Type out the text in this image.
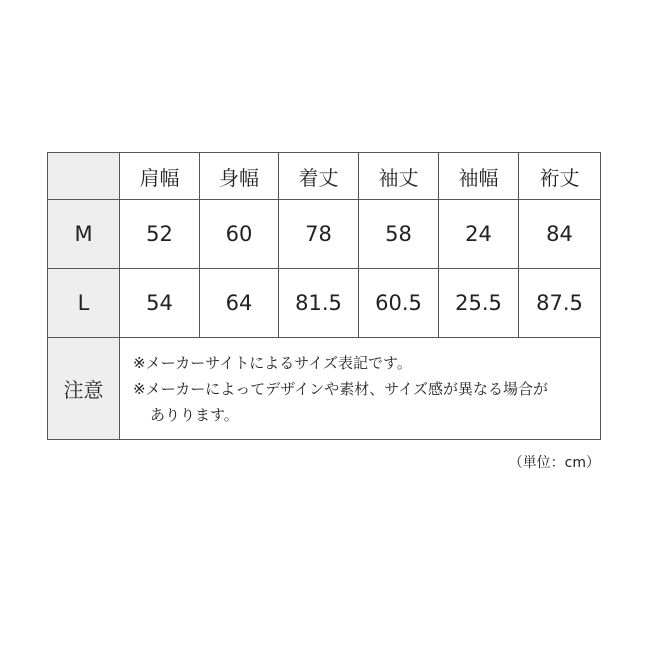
	肩幅	身幅	着丈	袖丈	袖幅	裄丈
M	52	60	78	58	24	84
L	54	64	81.5	60.5	25.5	87.5
注意	※メーカーサイトによるサイズ表記です。
※メーカーによってデザインや素材、サイズ感が異なる場合が
ありります。					
（単位：cm）
